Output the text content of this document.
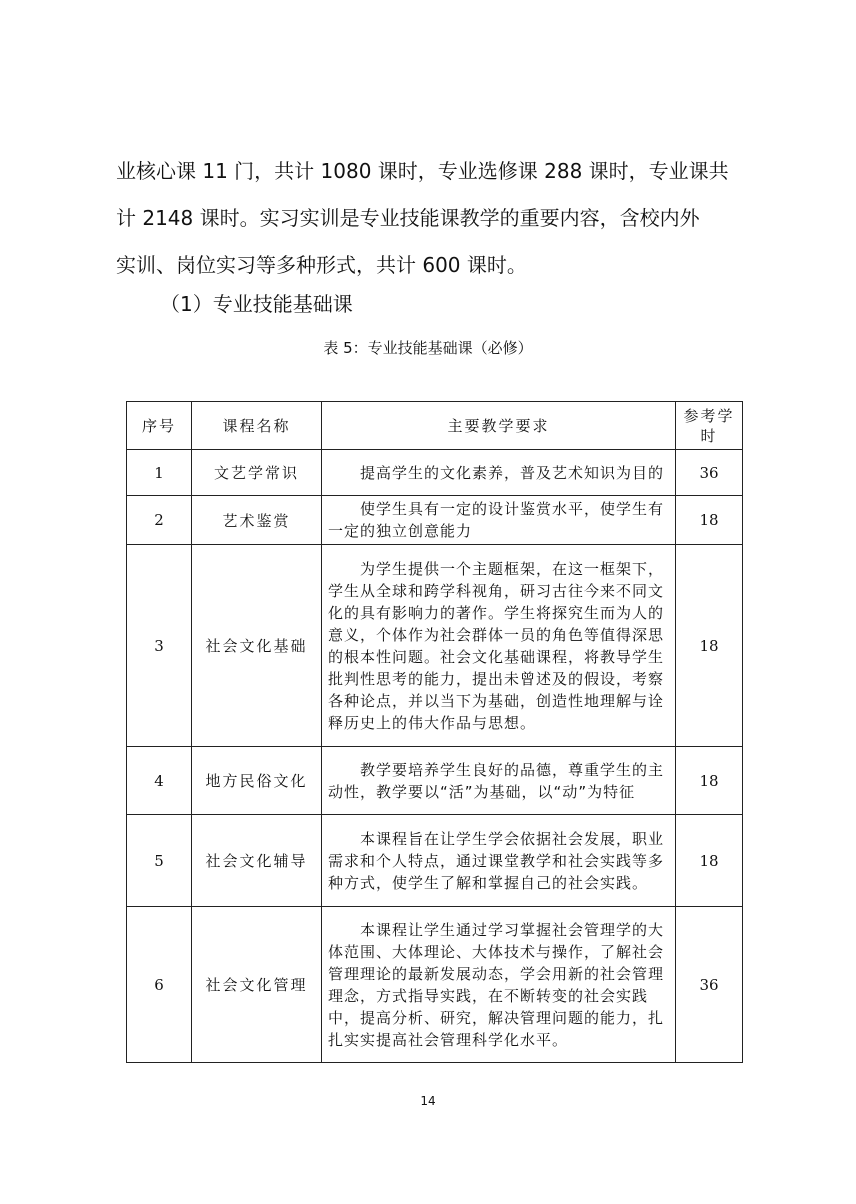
业核心课 11 门，共计 1080 课时，专业选修课 288 课时，专业课共
计 2148 课时。实习实训是专业技能课教学的重要内容，含校内外
实训、岗位实习等多种形式，共计 600 课时。

（1）专业技能基础课

表 5：专业技能基础课（必修）

序号	课程名称	主要教学要求	参考学时
1	文艺学常识	提高学生的文化素养，普及艺术知识为目的	36
2	艺术鉴赏	使学生具有一定的设计鉴赏水平，使学生有一定的独立创意能力	18
3	社会文化基础	为学生提供一个主题框架，在这一框架下，学生从全球和跨学科视角，研习古往今来不同文化的具有影响力的著作。学生将探究生而为人的意义，个体作为社会群体一员的角色等值得深思的根本性问题。社会文化基础课程，将教导学生批判性思考的能力，提出未曾述及的假设，考察各种论点，并以当下为基础，创造性地理解与诠释历史上的伟大作品与思想。	18
4	地方民俗文化	教学要培养学生良好的品德，尊重学生的主动性，教学要以“活”为基础，以“动”为特征	18
5	社会文化辅导	本课程旨在让学生学会依据社会发展，职业需求和个人特点，通过课堂教学和社会实践等多种方式，使学生了解和掌握自己的社会实践。	18
6	社会文化管理	本课程让学生通过学习掌握社会管理学的大体范围、大体理论、大体技术与操作，了解社会管理理论的最新发展动态，学会用新的社会管理理念，方式指导实践，在不断转变的社会实践中，提高分析、研究，解决管理问题的能力，扎扎实实提高社会管理科学化水平。	36
14
